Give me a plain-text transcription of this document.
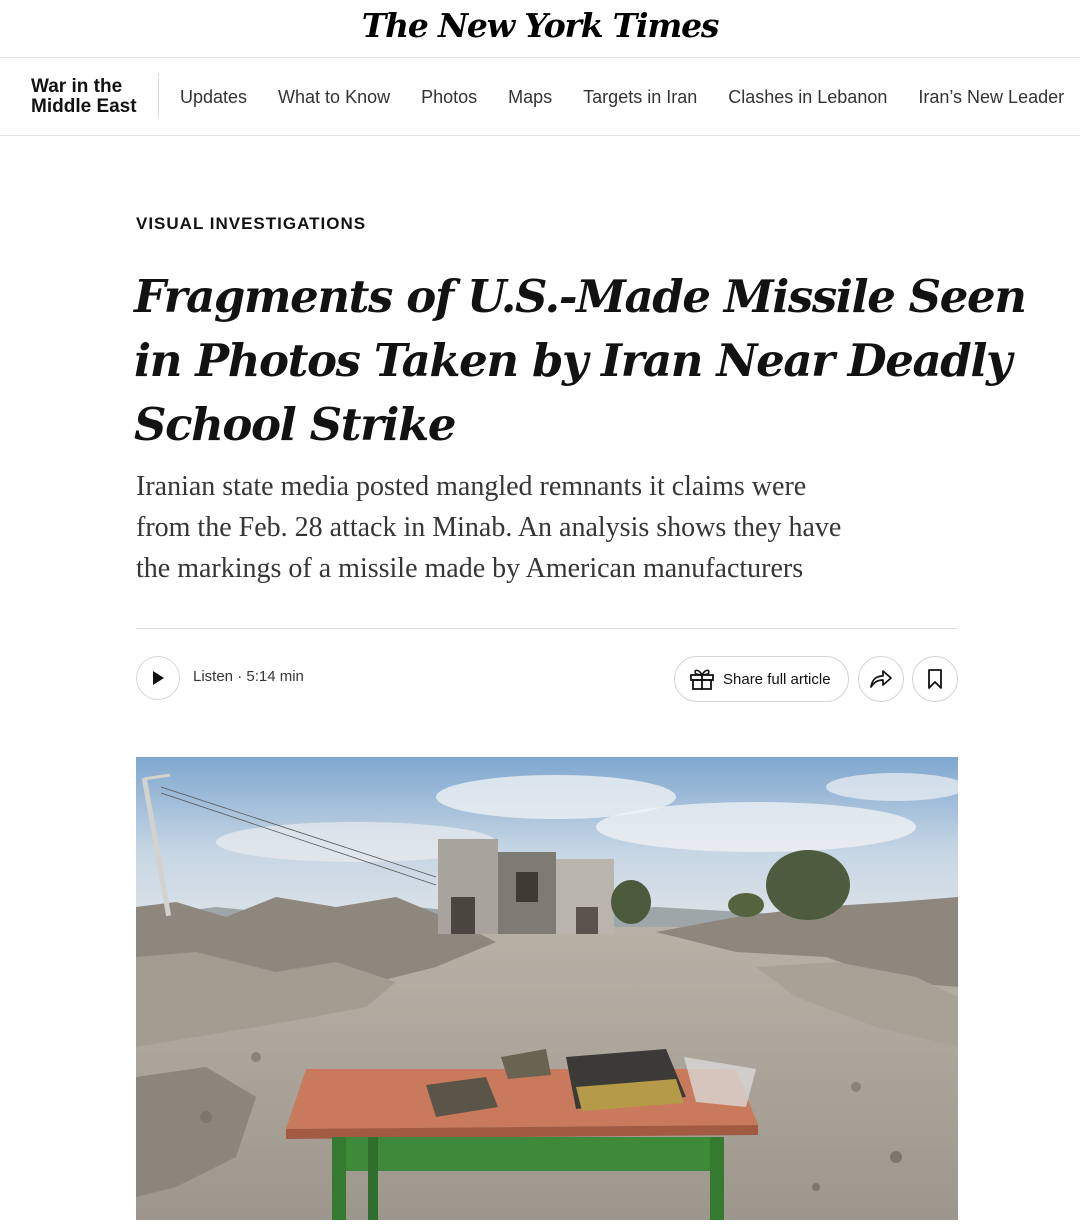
The New York Times
War in the
Middle East Updates What to Know Photos Maps Targets in Iran Clashes in Lebanon Iran’s New Leader
VISUAL INVESTIGATIONS
Fragments of U.S.-Made Missile Seen
in Photos Taken by Iran Near Deadly
School Strike

Iranian state media posted mangled remnants it claims were
from the Feb. 28 attack in Minab. An analysis shows they have
the markings of a missile made by American manufacturers

Listen · 5:14 min	Share full article
